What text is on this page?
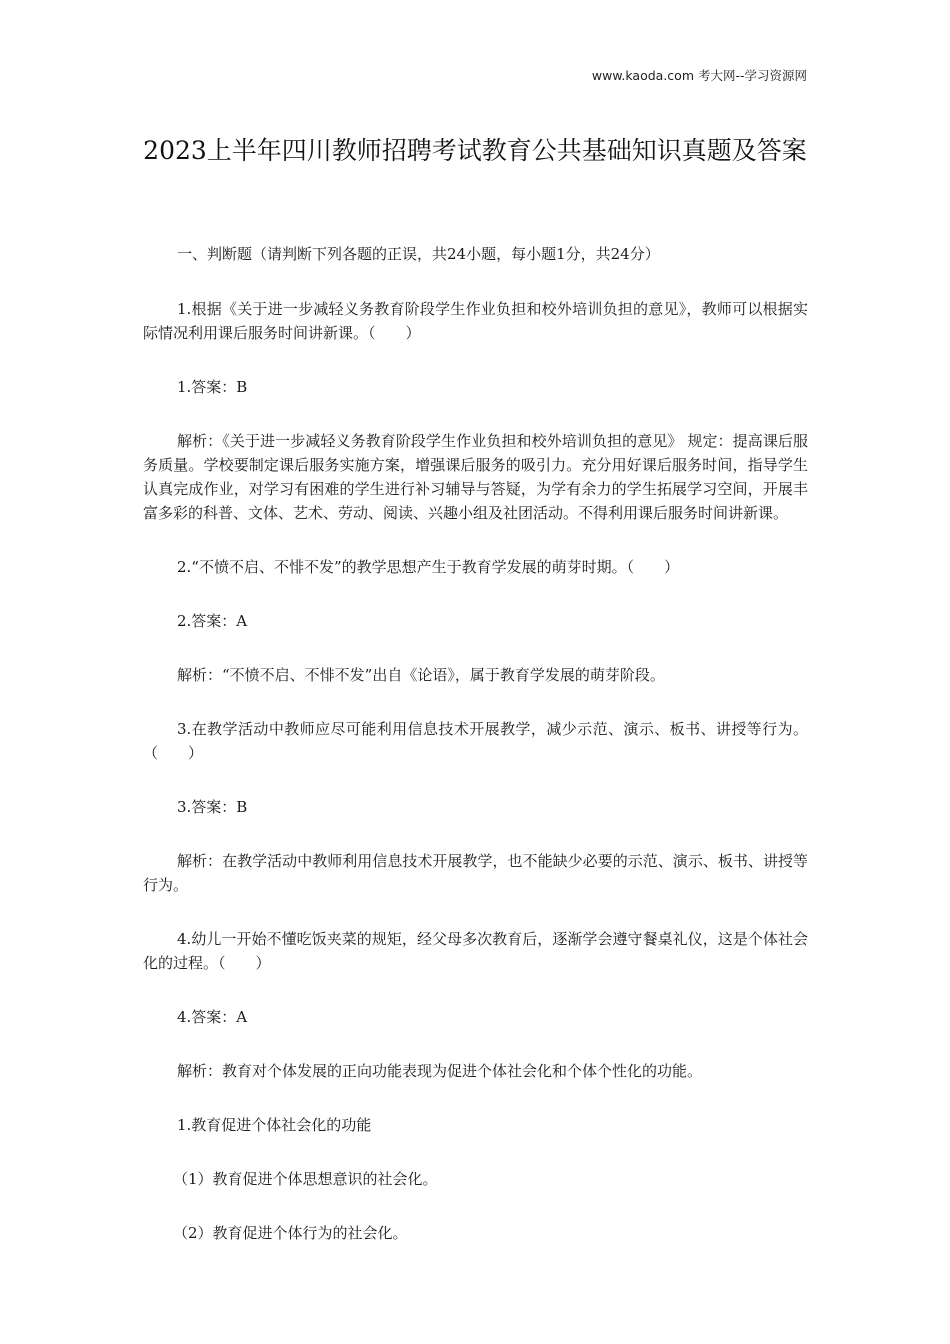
www.kaoda.com 考大网--学习资源网
2023上半年四川教师招聘考试教育公共基础知识真题及答案

一、判断题（请判断下列各题的正误，共24小题，每小题1分，共24分）

1.根据《关于进一步减轻义务教育阶段学生作业负担和校外培训负担的意见》，教师可以根据实际情况利用课后服务时间讲新课。（　　）

1.答案：B

解析：《关于进一步减轻义务教育阶段学生作业负担和校外培训负担的意见》 规定：提高课后服务质量。学校要制定课后服务实施方案，增强课后服务的吸引力。充分用好课后服务时间，指导学生认真完成作业，对学习有困难的学生进行补习辅导与答疑，为学有余力的学生拓展学习空间，开展丰富多彩的科普、文体、艺术、劳动、阅读、兴趣小组及社团活动。不得利用课后服务时间讲新课。

2.“不愤不启、不悱不发”的教学思想产生于教育学发展的萌芽时期。（　　）

2.答案：A

解析：“不愤不启、不悱不发”出自《论语》，属于教育学发展的萌芽阶段。

3.在教学活动中教师应尽可能利用信息技术开展教学，减少示范、演示、板书、讲授等行为。（　　）

3.答案：B

解析：在教学活动中教师利用信息技术开展教学，也不能缺少必要的示范、演示、板书、讲授等行为。

4.幼儿一开始不懂吃饭夹菜的规矩，经父母多次教育后，逐渐学会遵守餐桌礼仪，这是个体社会化的过程。（　　）

4.答案：A

解析：教育对个体发展的正向功能表现为促进个体社会化和个体个性化的功能。

1.教育促进个体社会化的功能

（1）教育促进个体思想意识的社会化。

（2）教育促进个体行为的社会化。
